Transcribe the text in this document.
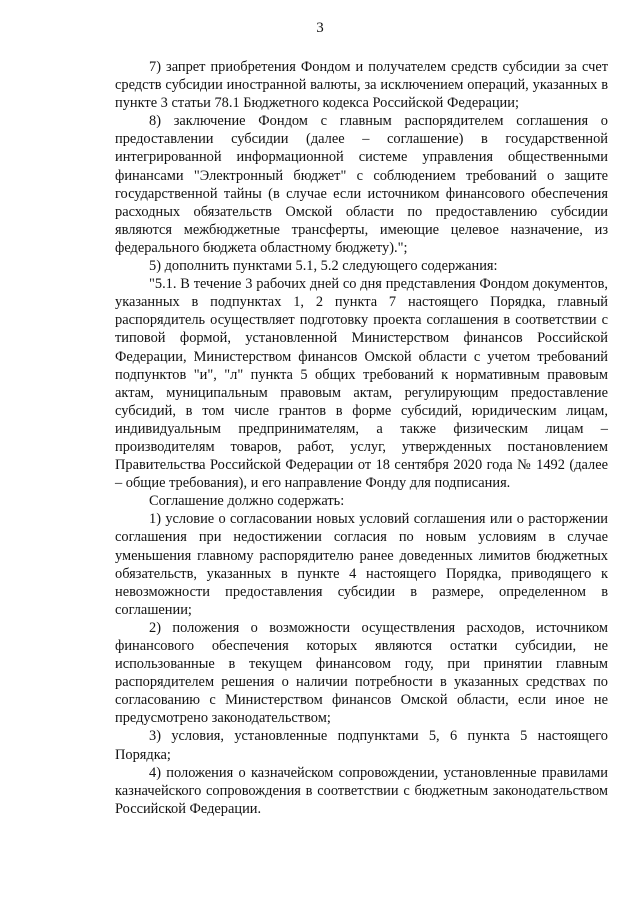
3

7) запрет приобретения Фондом и получателем средств субсидии за счет средств субсидии иностранной валюты, за исключением операций, указанных в пункте 3 статьи 78.1 Бюджетного кодекса Российской Федерации;

8) заключение Фондом с главным распорядителем соглашения о предоставлении субсидии (далее – соглашение) в государственной интегрированной информационной системе управления общественными финансами "Электронный бюджет" с соблюдением требований о защите государственной тайны (в случае если источником финансового обеспечения расходных обязательств Омской области по предоставлению субсидии являются межбюджетные трансферты, имеющие целевое назначение, из федерального бюджета областному бюджету).";

5) дополнить пунктами 5.1, 5.2 следующего содержания:

"5.1. В течение 3 рабочих дней со дня представления Фондом документов, указанных в подпунктах 1, 2 пункта 7 настоящего Порядка, главный распорядитель осуществляет подготовку проекта соглашения в соответствии с типовой формой, установленной Министерством финансов Российской Федерации, Министерством финансов Омской области с учетом требований подпунктов "и", "л" пункта 5 общих требований к нормативным правовым актам, муниципальным правовым актам, регулирующим предоставление субсидий, в том числе грантов в форме субсидий, юридическим лицам, индивидуальным предпринимателям, а также физическим лицам – производителям товаров, работ, услуг, утвержденных постановлением Правительства Российской Федерации от 18 сентября 2020 года № 1492 (далее – общие требования), и его направление Фонду для подписания.

Соглашение должно содержать:

1) условие о согласовании новых условий соглашения или о расторжении соглашения при недостижении согласия по новым условиям в случае уменьшения главному распорядителю ранее доведенных лимитов бюджетных обязательств, указанных в пункте 4 настоящего Порядка, приводящего к невозможности предоставления субсидии в размере, определенном в соглашении;

2) положения о возможности осуществления расходов, источником финансового обеспечения которых являются остатки субсидии, не использованные в текущем финансовом году, при принятии главным распорядителем решения о наличии потребности в указанных средствах по согласованию с Министерством финансов Омской области, если иное не предусмотрено законодательством;

3) условия, установленные подпунктами 5, 6 пункта 5 настоящего Порядка;

4) положения о казначейском сопровождении, установленные правилами казначейского сопровождения в соответствии с бюджетным законодательством Российской Федерации.
